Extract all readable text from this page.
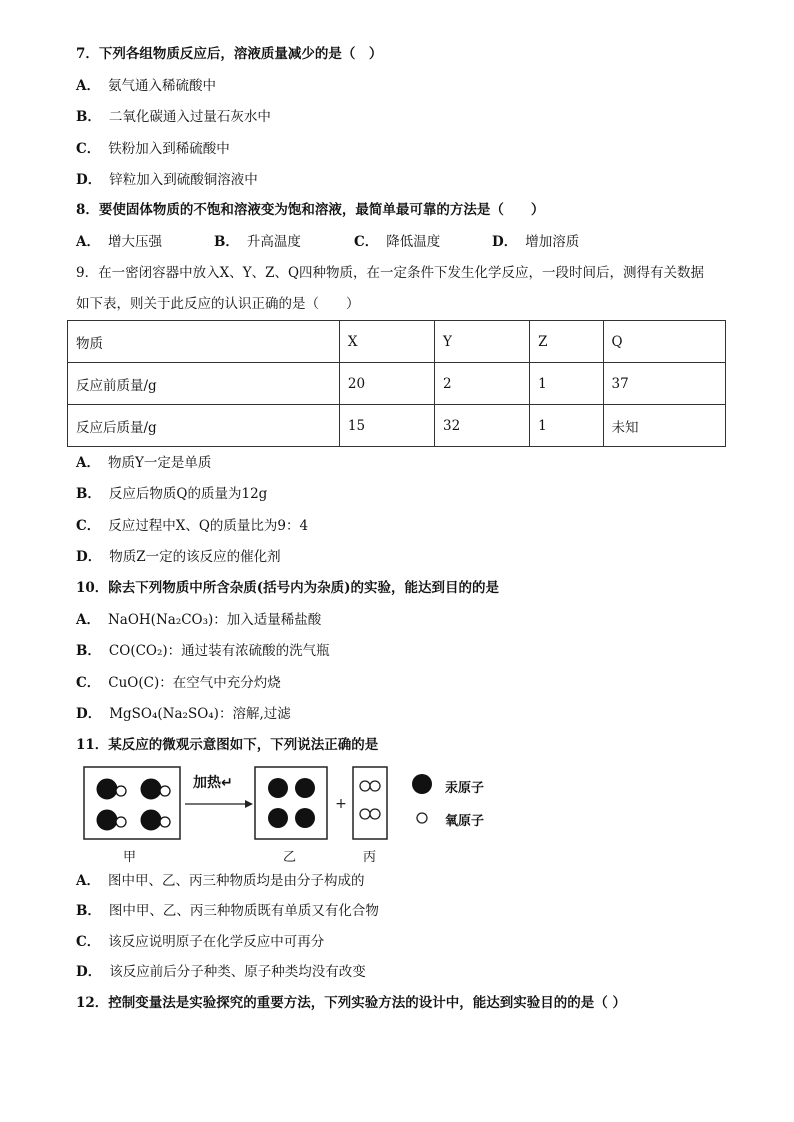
7．下列各组物质反应后，溶液质量减少的是（　）
A． 氨气通入稀硫酸中
B． 二氧化碳通入过量石灰水中
C． 铁粉加入到稀硫酸中
D． 锌粒加入到硫酸铜溶液中
8．要使固体物质的不饱和溶液变为饱和溶液，最简单最可靠的方法是（　　）
A． 增大压强	B． 升高温度	C． 降低温度	D． 增加溶质
9．在一密闭容器中放入X、Y、Z、Q四种物质，在一定条件下发生化学反应，一段时间后，测得有关数据
如下表，则关于此反应的认识正确的是（　　）
物质	X	Y	Z	Q
反应前质量/g	20	2	1	37
反应后质量/g	15	32	1	未知
A． 物质Y一定是单质
B． 反应后物质Q的质量为12g
C． 反应过程中X、Q的质量比为9：4
D． 物质Z一定的该反应的催化剂
10．除去下列物质中所含杂质(括号内为杂质)的实验，能达到目的的是
A． NaOH(Na₂CO₃)：加入适量稀盐酸
B． CO(CO₂)：通过装有浓硫酸的洗气瓶
C． CuO(C)：在空气中充分灼烧
D． MgSO₄(Na₂SO₄)：溶解,过滤
11．某反应的微观示意图如下，下列说法正确的是
+
加热↵
甲	乙	丙
汞原子
氧原子
A． 图中甲、乙、丙三种物质均是由分子构成的
B． 图中甲、乙、丙三种物质既有单质又有化合物
C． 该反应说明原子在化学反应中可再分
D． 该反应前后分子种类、原子种类均没有改变
12．控制变量法是实验探究的重要方法，下列实验方法的设计中，能达到实验目的的是（ ）
